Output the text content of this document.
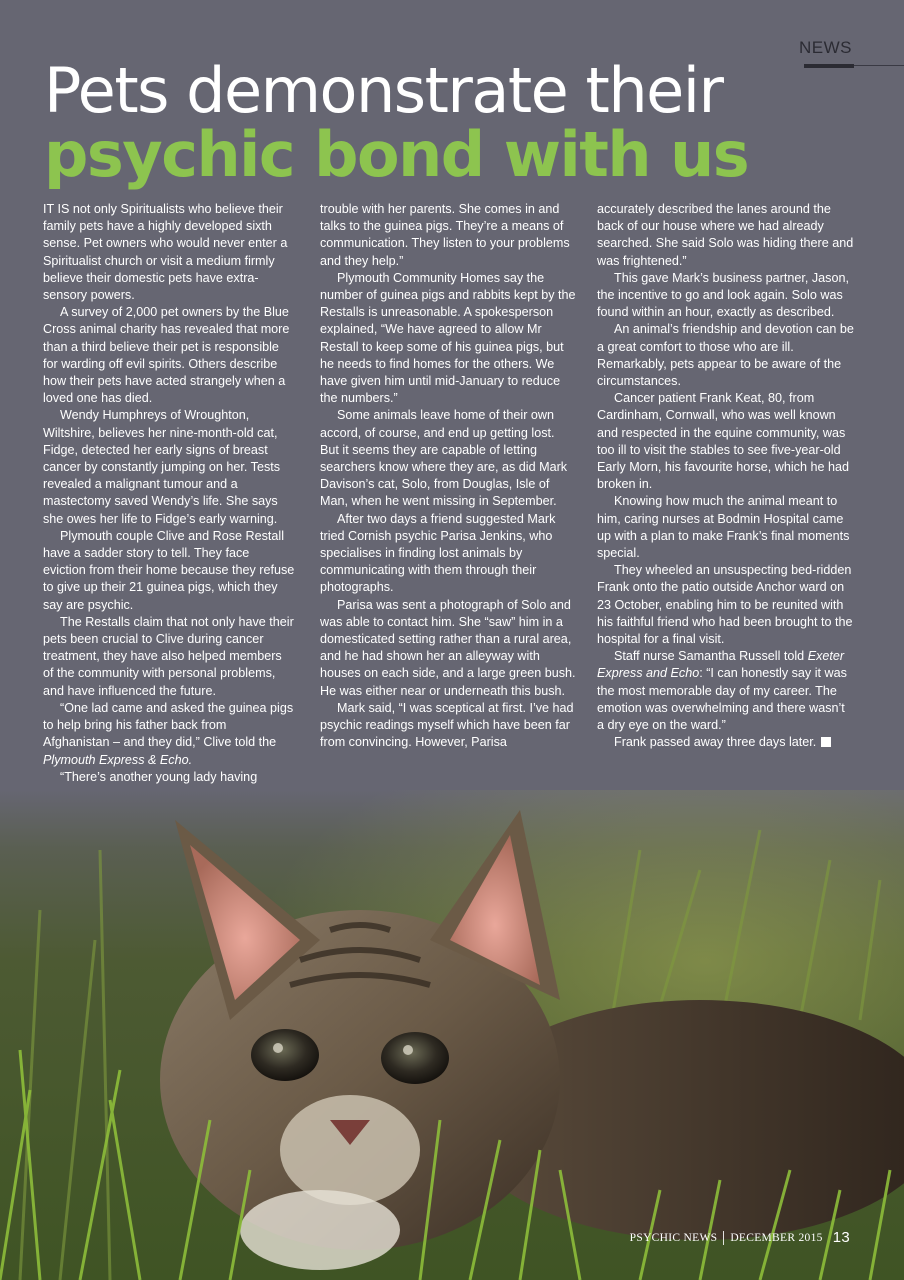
NEWS
Pets demonstrate their
psychic bond with us

IT IS not only Spiritualists who believe their family pets have a highly developed sixth sense. Pet owners who would never enter a Spiritualist church or visit a medium firmly believe their domestic pets have extra-sensory powers.

A survey of 2,000 pet owners by the Blue Cross animal charity has revealed that more than a third believe their pet is responsible for warding off evil spirits. Others describe how their pets have acted strangely when a loved one has died.

Wendy Humphreys of Wroughton, Wiltshire, believes her nine-month-old cat, Fidge, detected her early signs of breast cancer by constantly jumping on her. Tests revealed a malignant tumour and a mastectomy saved Wendy’s life. She says she owes her life to Fidge’s early warning.

Plymouth couple Clive and Rose Restall have a sadder story to tell. They face eviction from their home because they refuse to give up their 21 guinea pigs, which they say are psychic.

The Restalls claim that not only have their pets been crucial to Clive during cancer treatment, they have also helped members of the community with personal problems, and have influenced the future.

“One lad came and asked the guinea pigs to help bring his father back from Afghanistan – and they did,” Clive told the Plymouth Express & Echo.

“There’s another young lady having

trouble with her parents. She comes in and talks to the guinea pigs. They’re a means of communication. They listen to your problems and they help.”

Plymouth Community Homes say the number of guinea pigs and rabbits kept by the Restalls is unreasonable. A spokesperson explained, “We have agreed to allow Mr Restall to keep some of his guinea pigs, but he needs to find homes for the others. We have given him until mid-January to reduce the numbers.”

Some animals leave home of their own accord, of course, and end up getting lost. But it seems they are capable of letting searchers know where they are, as did Mark Davison’s cat, Solo, from Douglas, Isle of Man, when he went missing in September.

After two days a friend suggested Mark tried Cornish psychic Parisa Jenkins, who specialises in finding lost animals by communicating with them through their photographs.

Parisa was sent a photograph of Solo and was able to contact him. She “saw” him in a domesticated setting rather than a rural area, and he had shown her an alleyway with houses on each side, and a large green bush. He was either near or underneath this bush.

Mark said, “I was sceptical at first. I’ve had psychic readings myself which have been far from convincing. However, Parisa

accurately described the lanes around the back of our house where we had already searched. She said Solo was hiding there and was frightened.”

This gave Mark’s business partner, Jason, the incentive to go and look again. Solo was found within an hour, exactly as described.

An animal’s friendship and devotion can be a great comfort to those who are ill. Remarkably, pets appear to be aware of the circumstances.

Cancer patient Frank Keat, 80, from Cardinham, Cornwall, who was well known and respected in the equine community, was too ill to visit the stables to see five-year-old Early Morn, his favourite horse, which he had broken in.

Knowing how much the animal meant to him, caring nurses at Bodmin Hospital came up with a plan to make Frank’s final moments special.

They wheeled an unsuspecting bed-ridden Frank onto the patio outside Anchor ward on 23 October, enabling him to be reunited with his faithful friend who had been brought to the hospital for a final visit.

Staff nurse Samantha Russell told Exeter Express and Echo: “I can honestly say it was the most memorable day of my career. The emotion was overwhelming and there wasn’t a dry eye on the ward.”

Frank passed away three days later.

PSYCHIC NEWS DECEMBER 2015 13
